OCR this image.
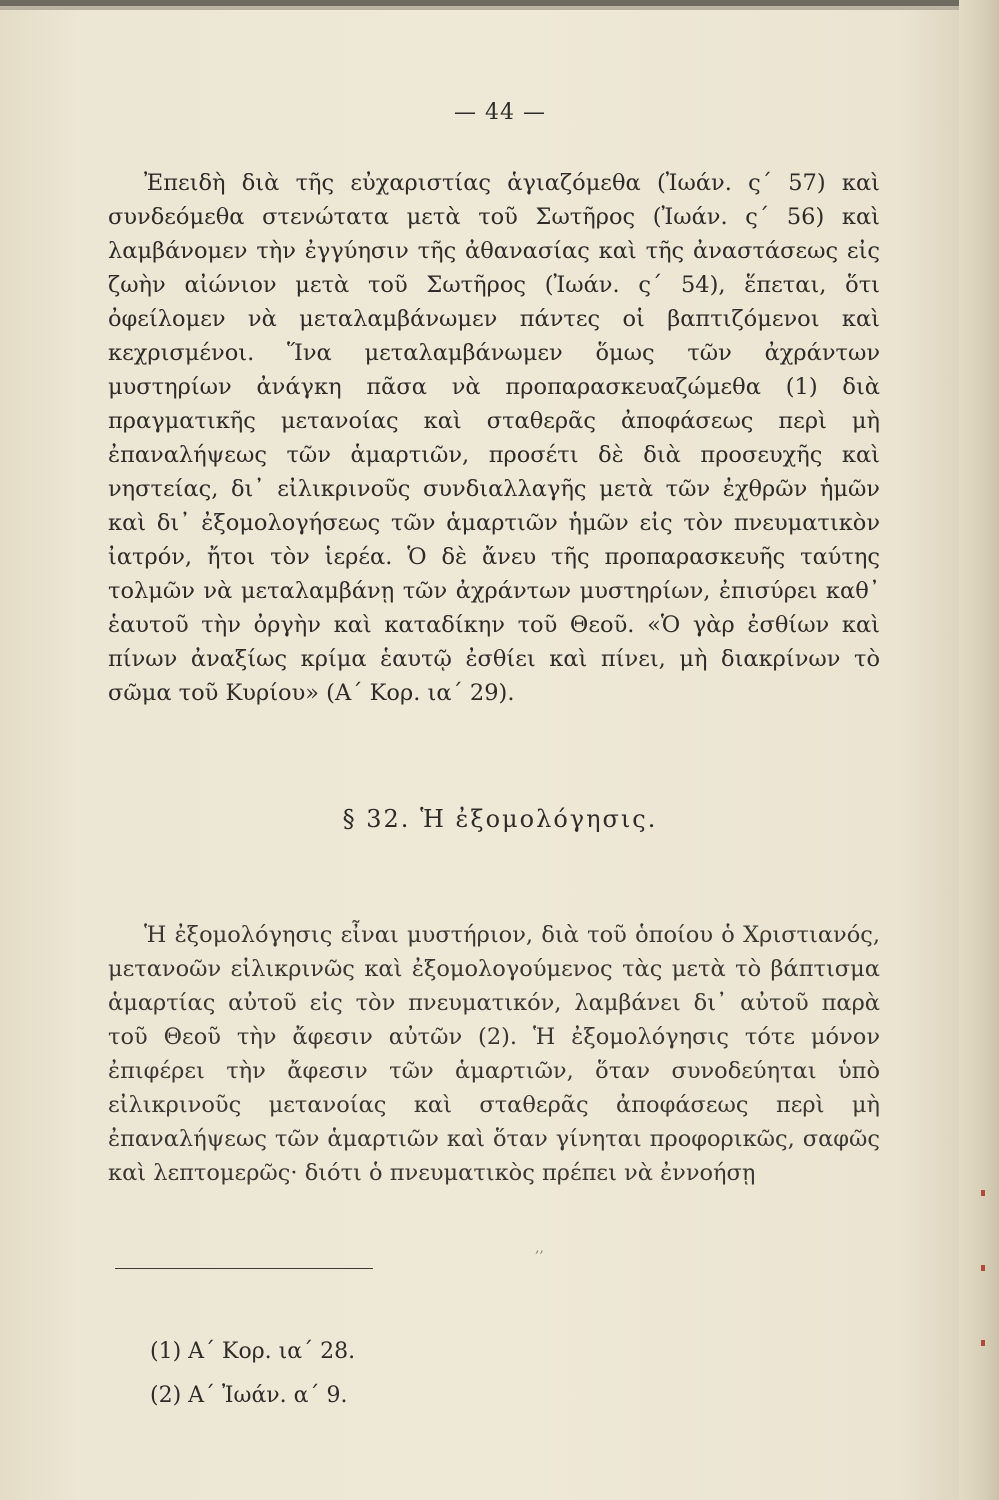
— 44 —
Ἐπειδὴ διὰ τῆς εὐχαριστίας ἁγιαζόμεθα (Ἰωάν. ς΄ 57) καὶ συνδεόμεθα στενώτατα μετὰ τοῦ Σωτῆρος (Ἰωάν. ς΄ 56) καὶ λαμβάνομεν τὴν ἐγγύησιν τῆς ἀθανασίας καὶ τῆς ἀναστάσεως εἰς ζωὴν αἰώνιον μετὰ τοῦ Σωτῆρος (Ἰωάν. ς΄ 54), ἕπεται, ὅτι ὀφείλομεν νὰ μεταλαμβάνωμεν πάντες οἱ βαπτιζόμενοι καὶ κεχρισμένοι. Ἵνα μεταλαμβάνωμεν ὅμως τῶν ἀχράντων μυστηρίων ἀνάγκη πᾶσα νὰ προπαρασκευαζώμεθα (1) διὰ πραγματικῆς μετανοίας καὶ σταθερᾶς ἀποφάσεως περὶ μὴ ἐπαναλήψεως τῶν ἁμαρτιῶν, προσέτι δὲ διὰ προσευχῆς καὶ νηστείας, δι᾿ εἰλικρινοῦς συνδιαλλαγῆς μετὰ τῶν ἐχθρῶν ἡμῶν καὶ δι᾿ ἐξομολογήσεως τῶν ἁμαρτιῶν ἡμῶν εἰς τὸν πνευματικὸν ἰατρόν, ἤτοι τὸν ἱερέα. Ὁ δὲ ἄνευ τῆς προπαρασκευῆς ταύτης τολμῶν νὰ μεταλαμβάνῃ τῶν ἀχράντων μυστηρίων, ἐπισύρει καθ᾿ ἑαυτοῦ τὴν ὀργὴν καὶ καταδίκην τοῦ Θεοῦ. «Ὁ γὰρ ἐσθίων καὶ πίνων ἀναξίως κρίμα ἑαυτῷ ἐσθίει καὶ πίνει, μὴ διακρίνων τὸ σῶμα τοῦ Κυρίου» (Α΄ Κορ. ια΄ 29).
§ 32. Ἡ ἐξομολόγησις.
Ἡ ἐξομολόγησις εἶναι μυστήριον, διὰ τοῦ ὁποίου ὁ Χριστιανός, μετανοῶν εἰλικρινῶς καὶ ἐξομολογούμενος τὰς μετὰ τὸ βάπτισμα ἁμαρτίας αὐτοῦ εἰς τὸν πνευματικόν, λαμβάνει δι᾿ αὐτοῦ παρὰ τοῦ Θεοῦ τὴν ἄφεσιν αὐτῶν (2). Ἡ ἐξομολόγησις τότε μόνον ἐπιφέρει τὴν ἄφεσιν τῶν ἁμαρτιῶν, ὅταν συνοδεύηται ὑπὸ εἰλικρινοῦς μετανοίας καὶ σταθερᾶς ἀποφάσεως περὶ μὴ ἐπαναλήψεως τῶν ἁμαρτιῶν καὶ ὅταν γίνηται προφορικῶς, σαφῶς καὶ λεπτομερῶς· διότι ὁ πνευματικὸς πρέπει νὰ ἐννοήσῃ
,,
(1) Α΄ Κορ. ια΄ 28.
(2) Α΄ Ἰωάν. α΄ 9.
